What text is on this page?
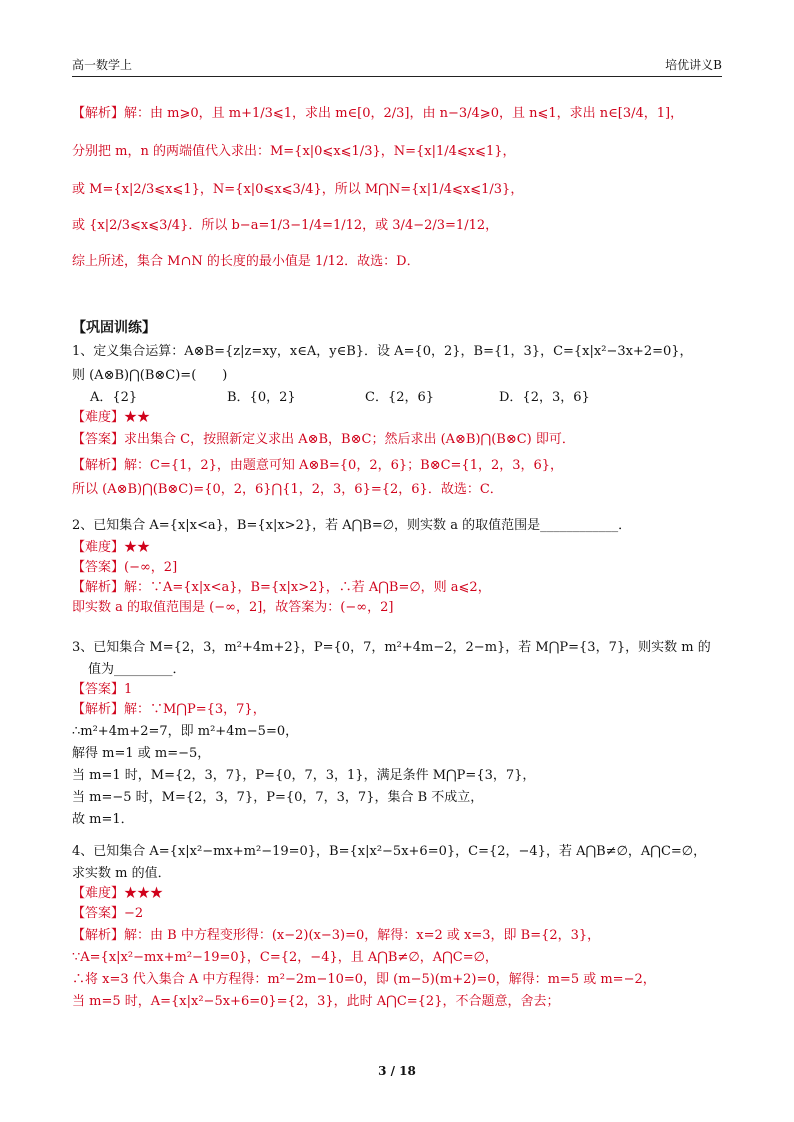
高一数学上	培优讲义B
【解析】解：由 m⩾0，且 m+1/3⩽1，求出 m∈[0，2/3]，由 n−3/4⩾0，且 n⩽1，求出 n∈[3/4，1]，
分别把 m，n 的两端值代入求出：M={x|0⩽x⩽1/3}，N={x|1/4⩽x⩽1}，
或 M={x|2/3⩽x⩽1}，N={x|0⩽x⩽3/4}，所以 M⋂N={x|1/4⩽x⩽1/3}，
或 {x|2/3⩽x⩽3/4}．所以 b−a=1/3−1/4=1/12，或 3/4−2/3=1/12，
综上所述，集合 M∩N 的长度的最小值是 1/12．故选：D．
【巩固训练】
1、定义集合运算：A⊗B={z|z=xy，x∈A，y∈B}．设 A={0，2}，B={1，3}，C={x|x²−3x+2=0}，
则 (A⊗B)⋂(B⊗C)=(　　)
A．{2}	B．{0，2}	C．{2，6}	D．{2，3，6}
【难度】★★
【答案】求出集合 C，按照新定义求出 A⊗B，B⊗C；然后求出 (A⊗B)⋂(B⊗C) 即可．
【解析】解：C={1，2}，由题意可知 A⊗B={0，2，6}；B⊗C={1，2，3，6}，
所以 (A⊗B)⋂(B⊗C)={0，2，6}⋂{1，2，3，6}={2，6}．故选：C．
2、已知集合 A={x|x<a}，B={x|x>2}，若 A⋂B=∅，则实数 a 的取值范围是____________．
【难度】★★
【答案】(−∞，2]
【解析】解：∵A={x|x<a}，B={x|x>2}，∴若 A⋂B=∅，则 a⩽2，
即实数 a 的取值范围是 (−∞，2]，故答案为：(−∞，2]
3、已知集合 M={2，3，m²+4m+2}，P={0，7，m²+4m−2，2−m}，若 M⋂P={3，7}，则实数 m 的
值为_________．
【答案】1
【解析】解：∵M⋂P={3，7}，
∴m²+4m+2=7，即 m²+4m−5=0，
解得 m=1 或 m=−5，
当 m=1 时，M={2，3，7}，P={0，7，3，1}，满足条件 M⋂P={3，7}，
当 m=−5 时，M={2，3，7}，P={0，7，3，7}，集合 B 不成立，
故 m=1．
4、已知集合 A={x|x²−mx+m²−19=0}，B={x|x²−5x+6=0}，C={2，−4}，若 A⋂B≠∅，A⋂C=∅，
求实数 m 的值．
【难度】★★★
【答案】−2
【解析】解：由 B 中方程变形得：(x−2)(x−3)=0，解得：x=2 或 x=3，即 B={2，3}，
∵A={x|x²−mx+m²−19=0}，C={2，−4}，且 A⋂B≠∅，A⋂C=∅，
∴将 x=3 代入集合 A 中方程得：m²−2m−10=0，即 (m−5)(m+2)=0，解得：m=5 或 m=−2，
当 m=5 时，A={x|x²−5x+6=0}={2，3}，此时 A⋂C={2}，不合题意，舍去；
3 / 18
